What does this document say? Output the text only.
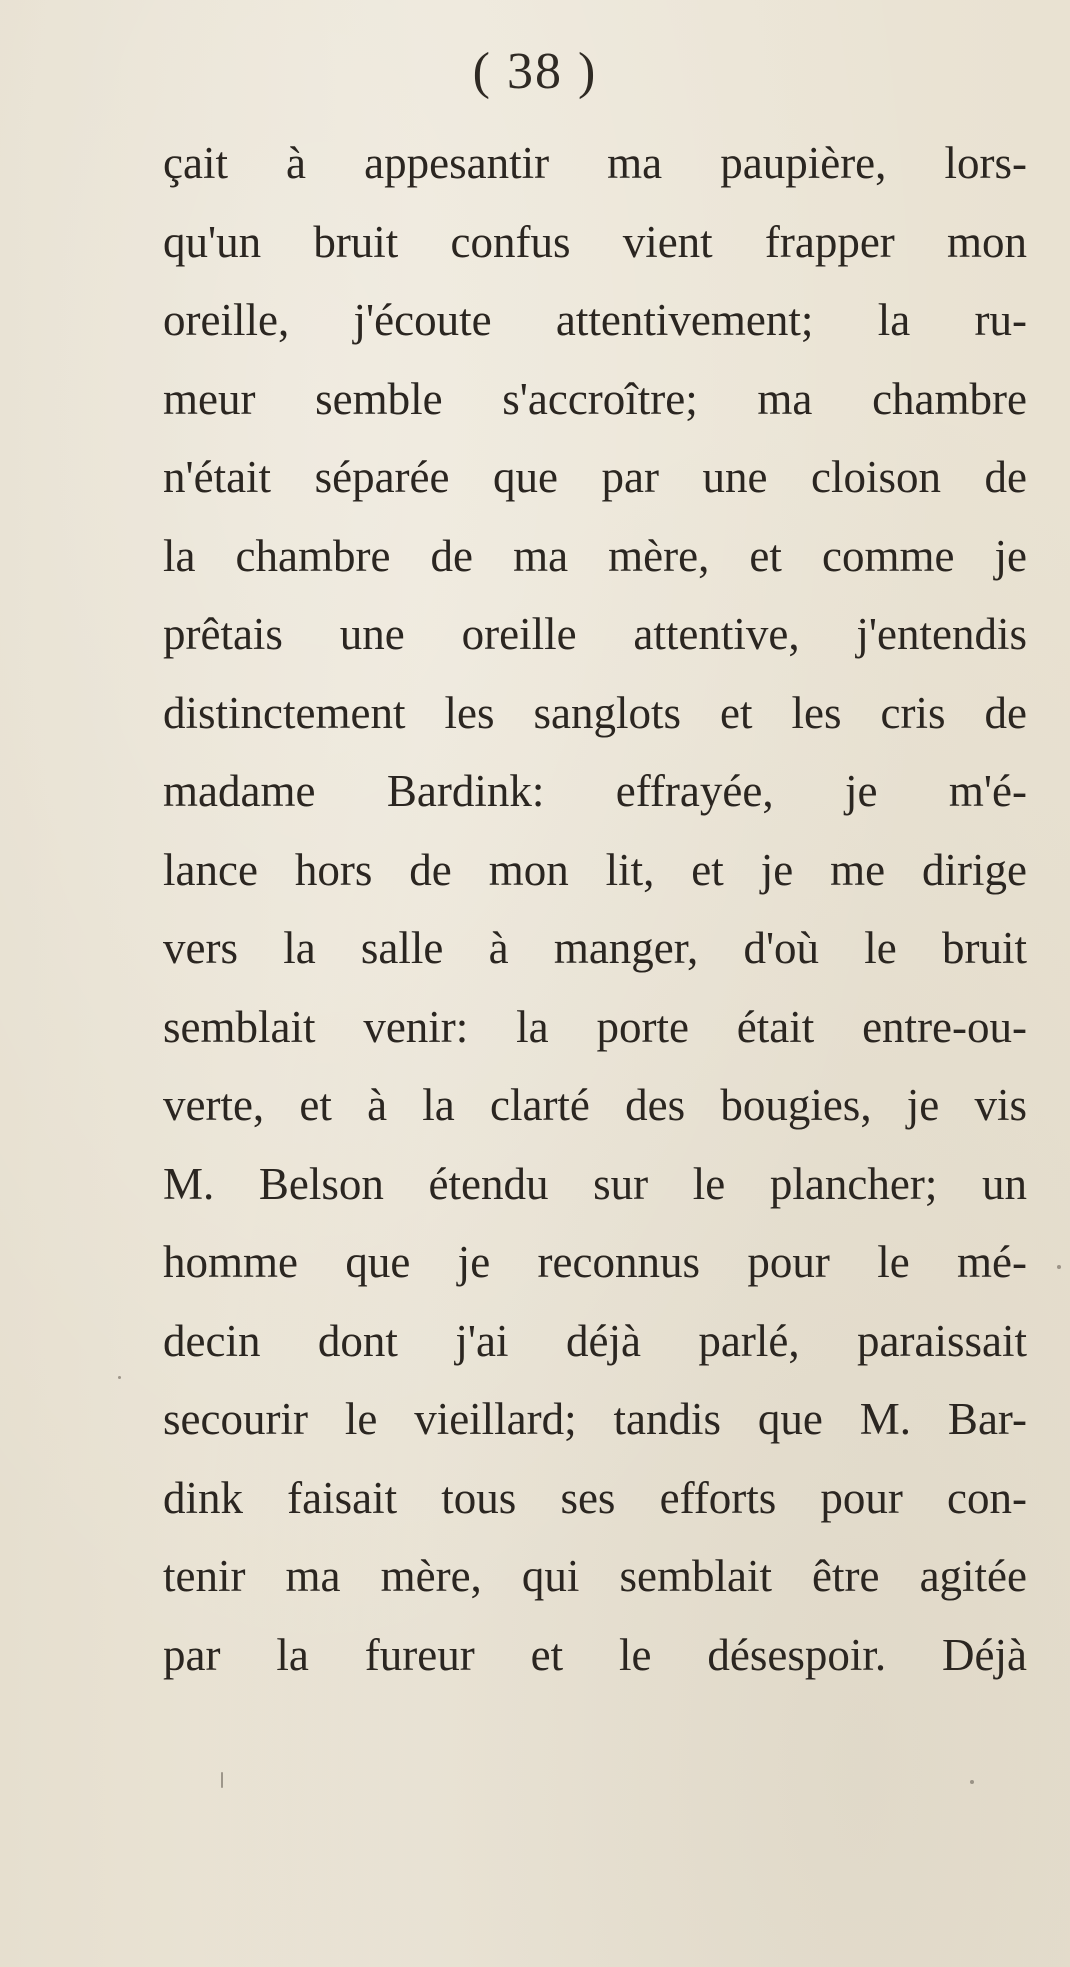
( 38 )
çait à appesantir ma paupière, lors-
qu'un bruit confus vient frapper mon
oreille, j'écoute attentivement; la ru-
meur semble s'accroître; ma chambre
n'était séparée que par une cloison de
la chambre de ma mère, et comme je
prêtais une oreille attentive, j'entendis
distinctement les sanglots et les cris de
madame Bardink: effrayée, je m'é-
lance hors de mon lit, et je me dirige
vers la salle à manger, d'où le bruit
semblait venir: la porte était entre-ou-
verte, et à la clarté des bougies, je vis
M. Belson étendu sur le plancher; un
homme que je reconnus pour le mé-
decin dont j'ai déjà parlé, paraissait
secourir le vieillard; tandis que M. Bar-
dink faisait tous ses efforts pour con-
tenir ma mère, qui semblait être agitée
par la fureur et le désespoir. Déjà
